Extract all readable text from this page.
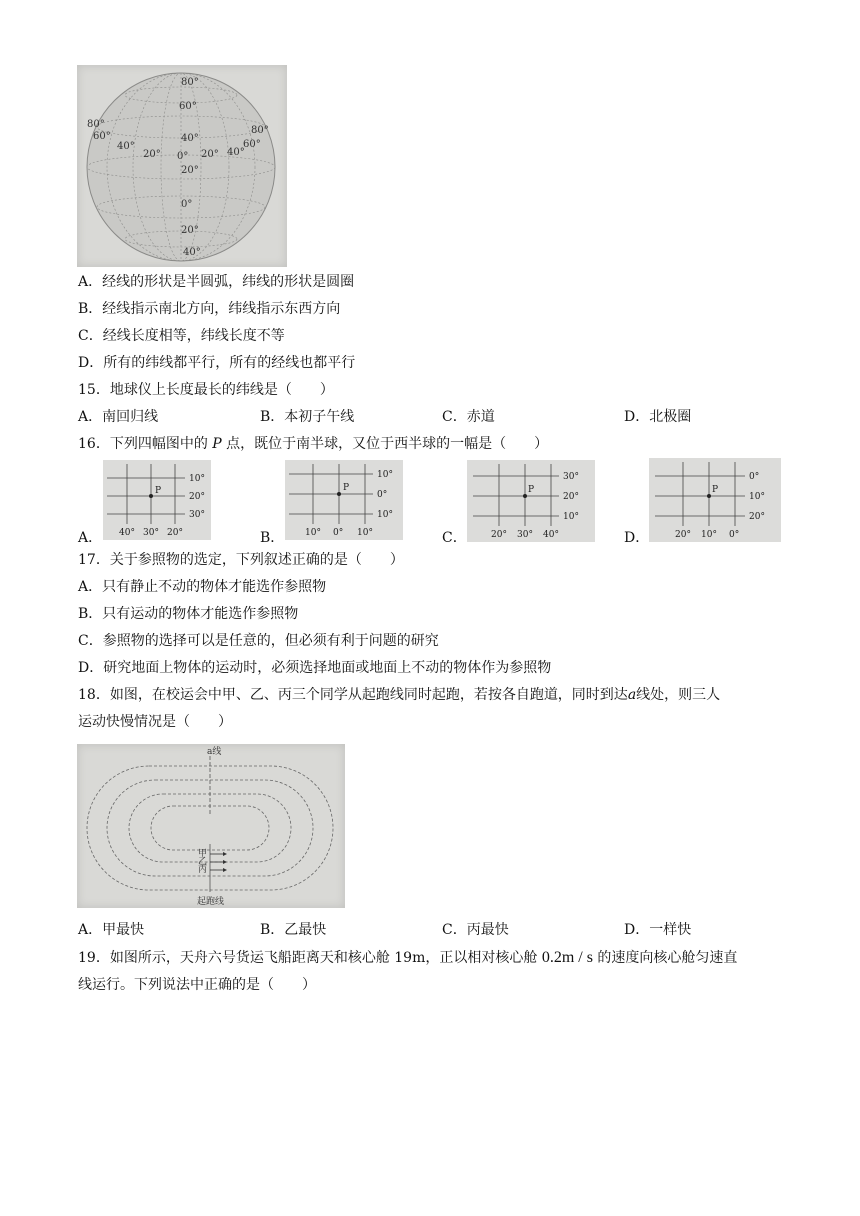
80°
60°
40°
20°
0°
20°
40°
80°
60°
40°
20° 0° 20° 40°
60°
80°
A．经线的形状是半圆弧，纬线的形状是圆圈
B．经线指示南北方向，纬线指示东西方向
C．经线长度相等，纬线长度不等
D．所有的纬线都平行，所有的经线也都平行
15．地球仪上长度最长的纬线是（　　）
A．南回归线	B．本初子午线	C．赤道	D．北极圈
16．下列四幅图中的 P 点，既位于南半球，又位于西半球的一幅是（　　）
A．
P
10°
20°
30°
40° 30° 20°	B．
P
10°
0°
10°
10° 0° 10°	C．
P
30°
20°
10°
20° 30° 40°	D．
P
0°
10°
20°
20° 10° 0°
17．关于参照物的选定，下列叙述正确的是（　　）
A．只有静止不动的物体才能选作参照物
B．只有运动的物体才能选作参照物
C．参照物的选择可以是任意的，但必须有利于问题的研究
D．研究地面上物体的运动时，必须选择地面或地面上不动的物体作为参照物
18．如图，在校运会中甲、乙、丙三个同学从起跑线同时起跑，若按各自跑道，同时到达a线处，则三人
运动快慢情况是（　　）
a线
甲
乙
丙
起跑线
A．甲最快	B．乙最快	C．丙最快	D．一样快
19．如图所示，天舟六号货运飞船距离天和核心舱 19m，正以相对核心舱 0.2m / s 的速度向核心舱匀速直
线运行。下列说法中正确的是（　　）
